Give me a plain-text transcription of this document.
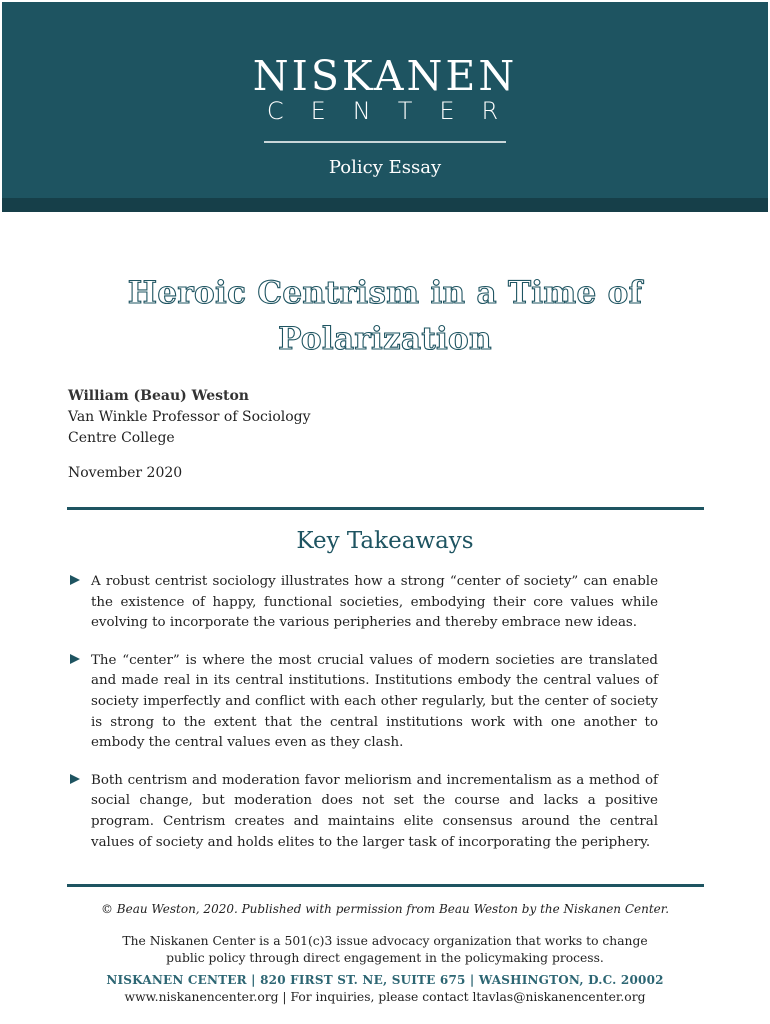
NISKANEN
CENTER
Policy Essay
Heroic Centrism in a Time of Polarization
William (Beau) Weston
Van Winkle Professor of Sociology
Centre College
November 2020
Key Takeaways
A robust centrist sociology illustrates how a strong “center of society” can enable the existence of happy, functional societies, embodying their core values while evolving to incorporate the various peripheries and thereby embrace new ideas.
The “center” is where the most crucial values of modern societies are translated and made real in its central institutions. Institutions embody the central values of society imperfectly and conflict with each other regularly, but the center of society is strong to the extent that the central institutions work with one another to embody the central values even as they clash.
Both centrism and moderation favor meliorism and incrementalism as a method of social change, but moderation does not set the course and lacks a positive program. Centrism creates and maintains elite consensus around the central values of society and holds elites to the larger task of incorporating the periphery.
© Beau Weston, 2020. Published with permission from Beau Weston by the Niskanen Center.
The Niskanen Center is a 501(c)3 issue advocacy organization that works to change public policy through direct engagement in the policymaking process.
NISKANEN CENTER | 820 FIRST ST. NE, SUITE 675 | WASHINGTON, D.C. 20002
www.niskanencenter.org | For inquiries, please contact ltavlas@niskanencenter.org
